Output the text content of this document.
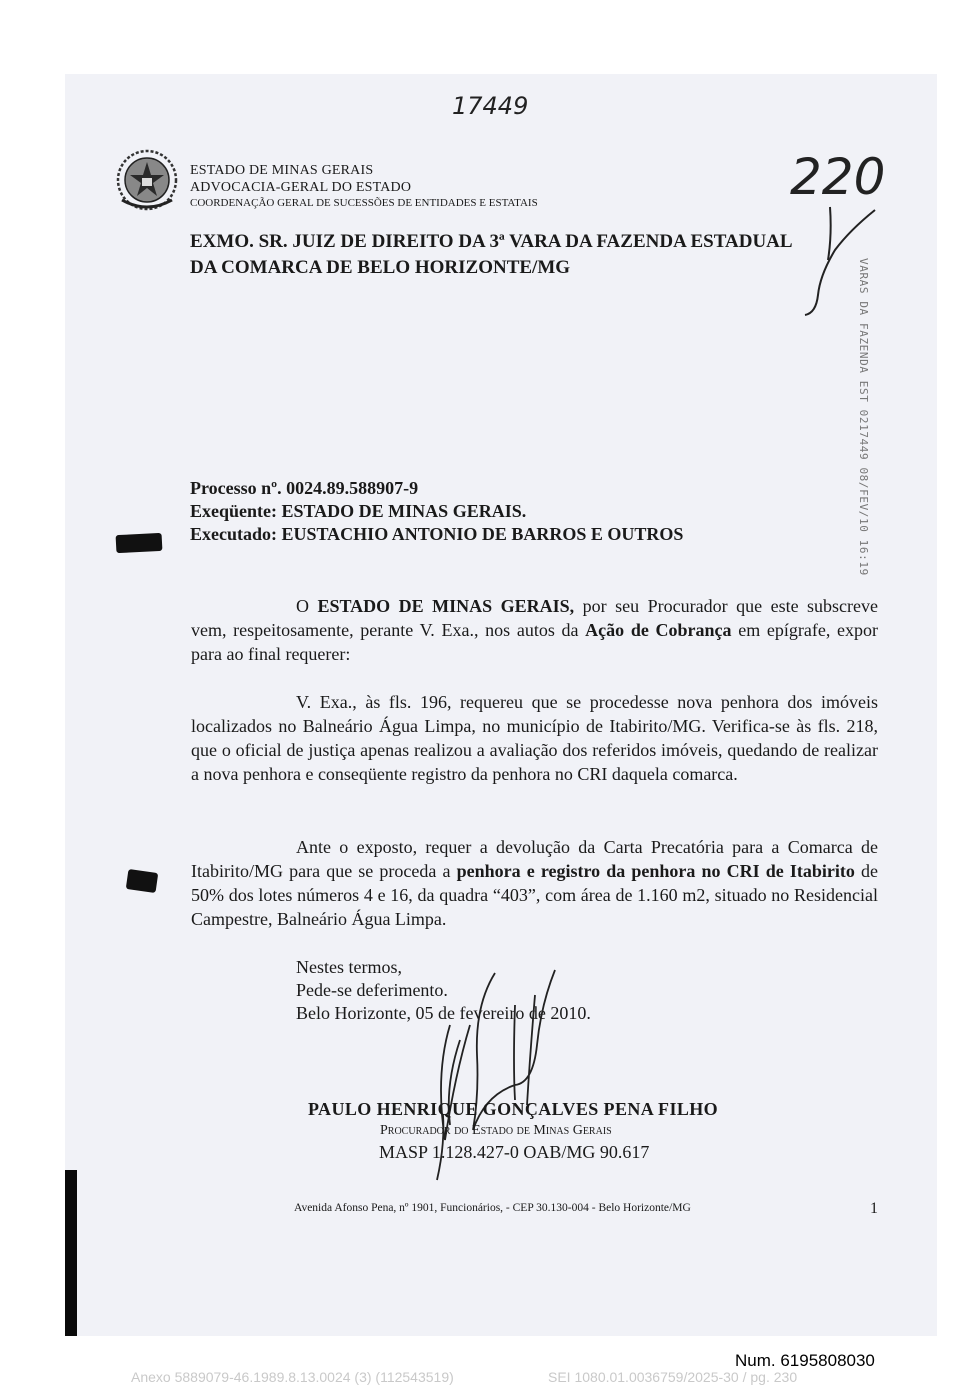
17449
ESTADO DE MINAS GERAIS
ADVOCACIA-GERAL DO ESTADO
COORDENAÇÃO GERAL DE SUCESSÕES DE ENTIDADES E ESTATAIS	220
EXMO. SR. JUIZ DE DIREITO DA 3ª VARA DA FAZENDA ESTADUAL
DA COMARCA DE BELO HORIZONTE/MG	VARAS DA FAZENDA EST 0217449 08/FEV/10 16:19
Processo nº. 0024.89.588907-9
Exeqüente: ESTADO DE MINAS GERAIS.
Executado: EUSTACHIO ANTONIO DE BARROS E OUTROS
O ESTADO DE MINAS GERAIS, por seu Procurador que este subscreve vem, respeitosamente, perante V. Exa., nos autos da Ação de Cobrança em epígrafe, expor para ao final requerer:
V. Exa., às fls. 196, requereu que se procedesse nova penhora dos imóveis localizados no Balneário Água Limpa, no município de Itabirito/MG. Verifica-se às fls. 218, que o oficial de justiça apenas realizou a avaliação dos referidos imóveis, quedando de realizar a nova penhora e conseqüente registro da penhora no CRI daquela comarca.
Ante o exposto, requer a devolução da Carta Precatória para a Comarca de Itabirito/MG para que se proceda a penhora e registro da penhora no CRI de Itabirito de 50% dos lotes números 4 e 16, da quadra “403”, com área de 1.160 m2, situado no Residencial Campestre, Balneário Água Limpa.
Nestes termos,
Pede-se deferimento.
Belo Horizonte, 05 de fevereiro de 2010.
PAULO HENRIQUE GONÇALVES PENA FILHO
Procurador do Estado de Minas Gerais
MASP 1.128.427-0 OAB/MG 90.617
Avenida Afonso Pena, nº 1901, Funcionários, - CEP 30.130-004 - Belo Horizonte/MG	1
Num. 6195808030
Anexo 5889079-46.1989.8.13.0024 (3) (112543519)	SEI 1080.01.0036759/2025-30 / pg. 230
